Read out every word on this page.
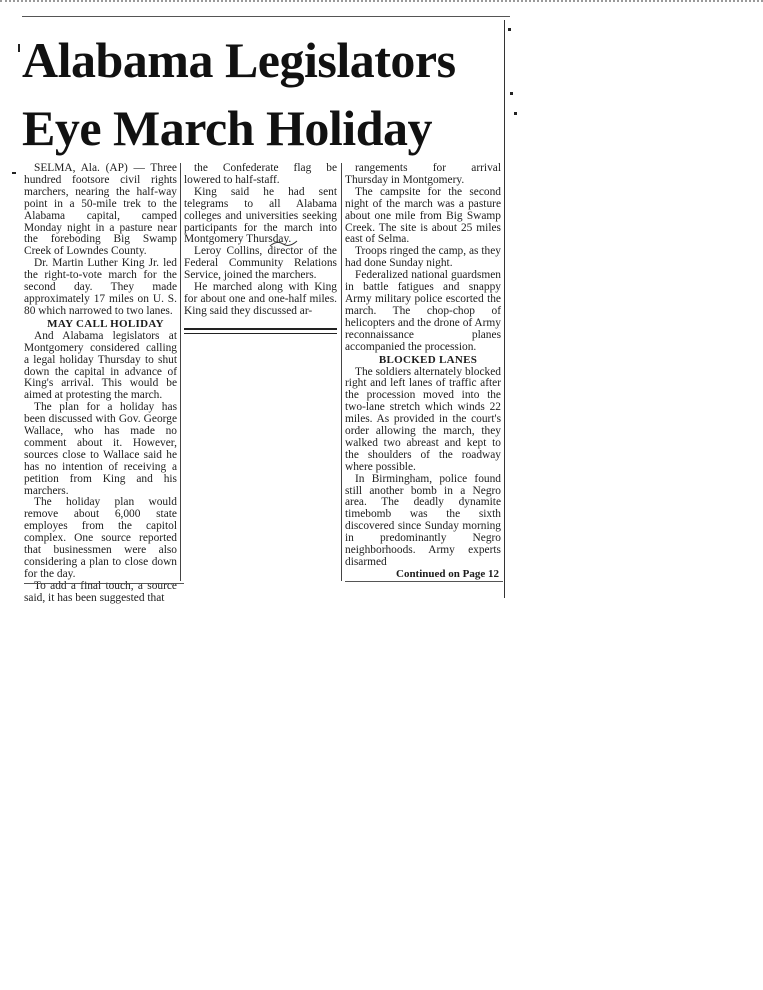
Alabama Legislators
Eye March Holiday

SELMA, Ala. (AP) — Three hundred footsore civil rights marchers, nearing the half-way point in a 50-mile trek to the Alabama capital, camped Monday night in a pasture near the foreboding Big Swamp Creek of Lowndes County.

Dr. Martin Luther King Jr. led the right-to-vote march for the second day. They made approximately 17 miles on U. S. 80 which narrowed to two lanes.

MAY CALL HOLIDAY

And Alabama legislators at Montgomery considered calling a legal holiday Thursday to shut down the capital in advance of King's arrival. This would be aimed at protesting the march.

The plan for a holiday has been discussed with Gov. George Wallace, who has made no comment about it. However, sources close to Wallace said he has no intention of receiving a petition from King and his marchers.

The holiday plan would remove about 6,000 state employes from the capitol complex. One source reported that businessmen were also considering a plan to close down for the day.

To add a final touch, a source said, it has been suggested that

the Confederate flag be lowered to half-staff.

King said he had sent telegrams to all Alabama colleges and universities seeking participants for the march into Montgomery Thursday.

Leroy Collins, director of the Federal Community Relations Service, joined the marchers.

He marched along with King for about one and one-half miles. King said they discussed ar-

rangements for arrival Thursday in Montgomery.

The campsite for the second night of the march was a pasture about one mile from Big Swamp Creek. The site is about 25 miles east of Selma.

Troops ringed the camp, as they had done Sunday night.

Federalized national guardsmen in battle fatigues and snappy Army military police escorted the march. The chop-chop of helicopters and the drone of Army reconnaissance planes accompanied the procession.

BLOCKED LANES

The soldiers alternately blocked right and left lanes of traffic after the procession moved into the two-lane stretch which winds 22 miles. As provided in the court's order allowing the march, they walked two abreast and kept to the shoulders of the roadway where possible.

In Birmingham, police found still another bomb in a Negro area. The deadly dynamite timebomb was the sixth discovered since Sunday morning in predominantly Negro neighborhoods. Army experts disarmed

Continued on Page 12
